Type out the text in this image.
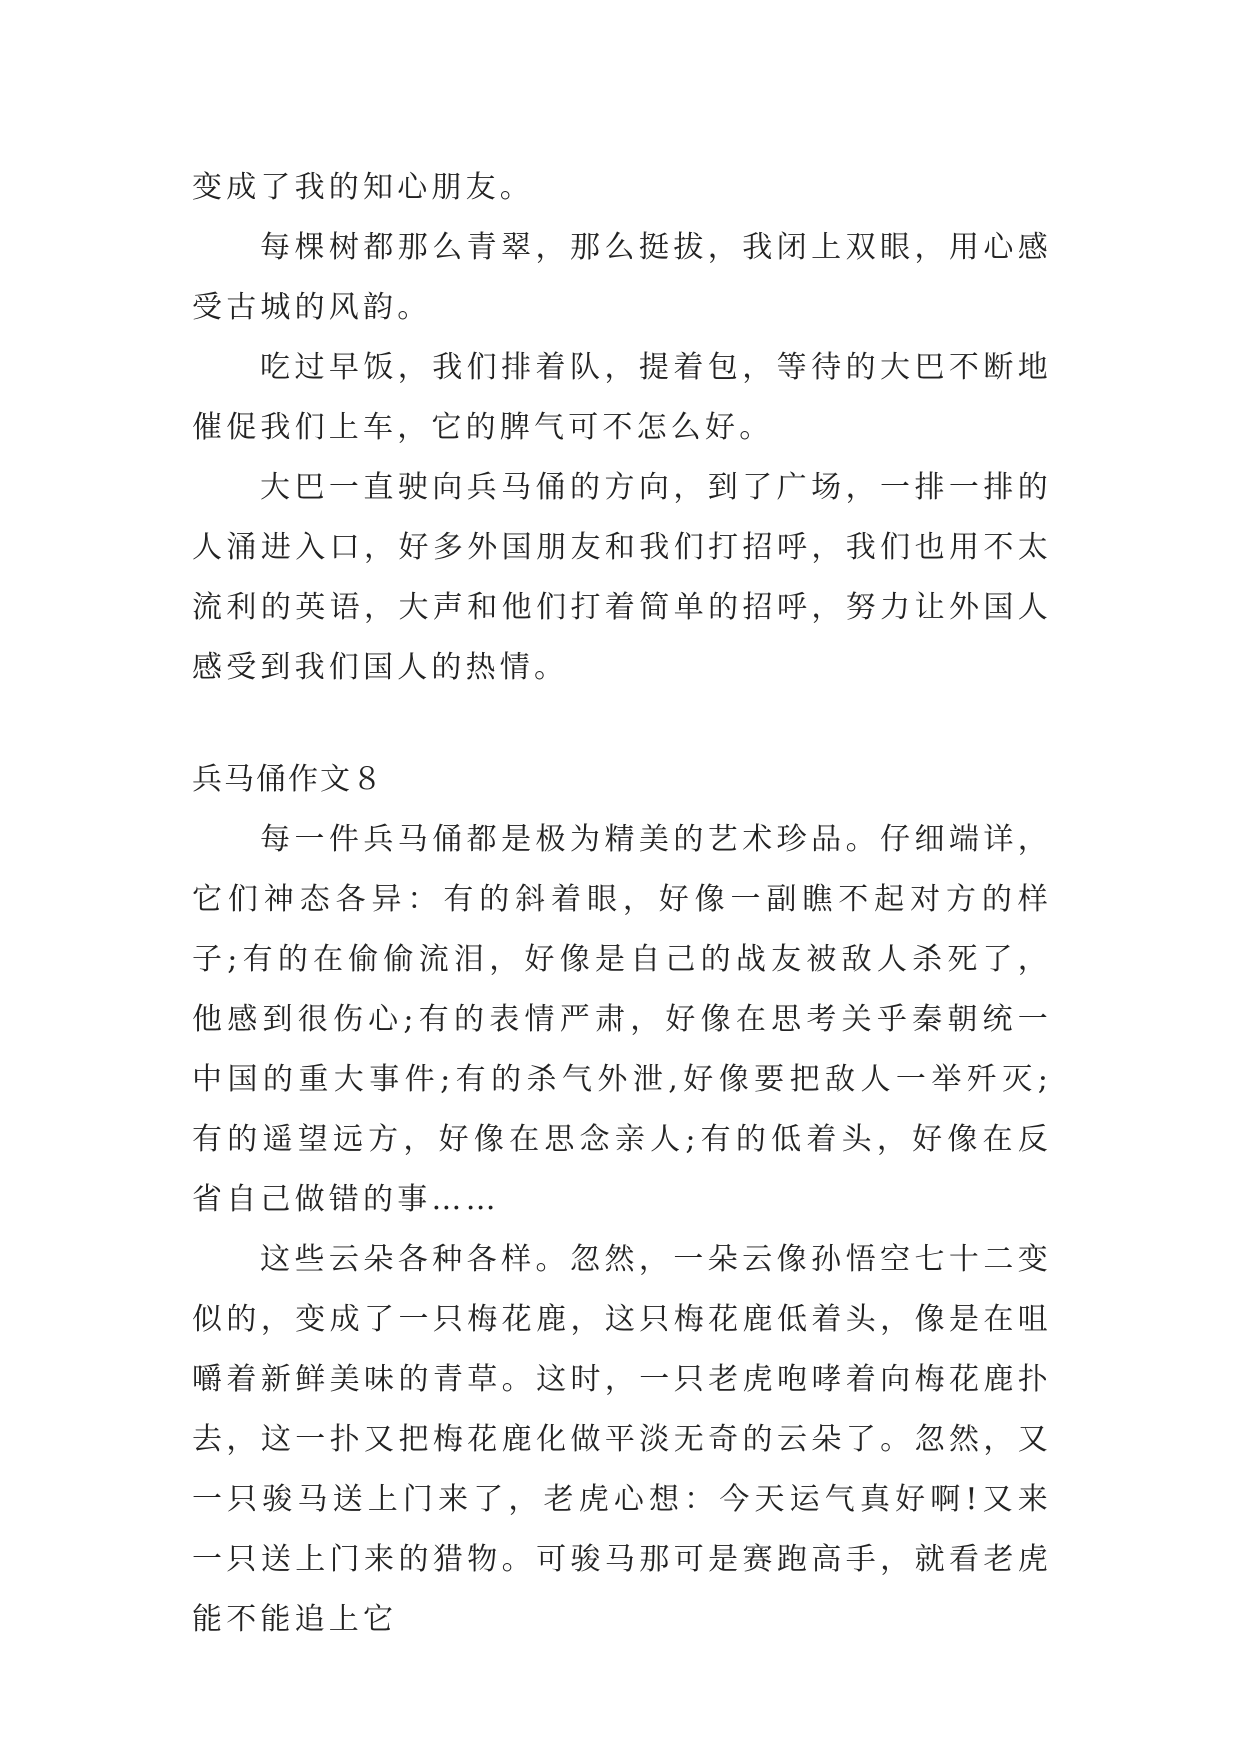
变成了我的知心朋友。

每棵树都那么青翠，那么挺拔，我闭上双眼，用心感受古城的风韵。

吃过早饭，我们排着队，提着包，等待的大巴不断地催促我们上车，它的脾气可不怎么好。

大巴一直驶向兵马俑的方向，到了广场，一排一排的人涌进入口，好多外国朋友和我们打招呼，我们也用不太流利的英语，大声和他们打着简单的招呼，努力让外国人感受到我们国人的热情。

兵马俑作文８

每一件兵马俑都是极为精美的艺术珍品。仔细端详，它们神态各异：有的斜着眼，好像一副瞧不起对方的样子;有的在偷偷流泪，好像是自己的战友被敌人杀死了，他感到很伤心;有的表情严肃，好像在思考关乎秦朝统一中国的重大事件;有的杀气外泄,好像要把敌人一举歼灭;有的遥望远方，好像在思念亲人;有的低着头，好像在反省自己做错的事……

这些云朵各种各样。忽然，一朵云像孙悟空七十二变似的，变成了一只梅花鹿，这只梅花鹿低着头，像是在咀嚼着新鲜美味的青草。这时，一只老虎咆哮着向梅花鹿扑去，这一扑又把梅花鹿化做平淡无奇的云朵了。忽然，又一只骏马送上门来了，老虎心想：今天运气真好啊!又来一只送上门来的猎物。可骏马那可是赛跑高手，就看老虎能不能追上它
